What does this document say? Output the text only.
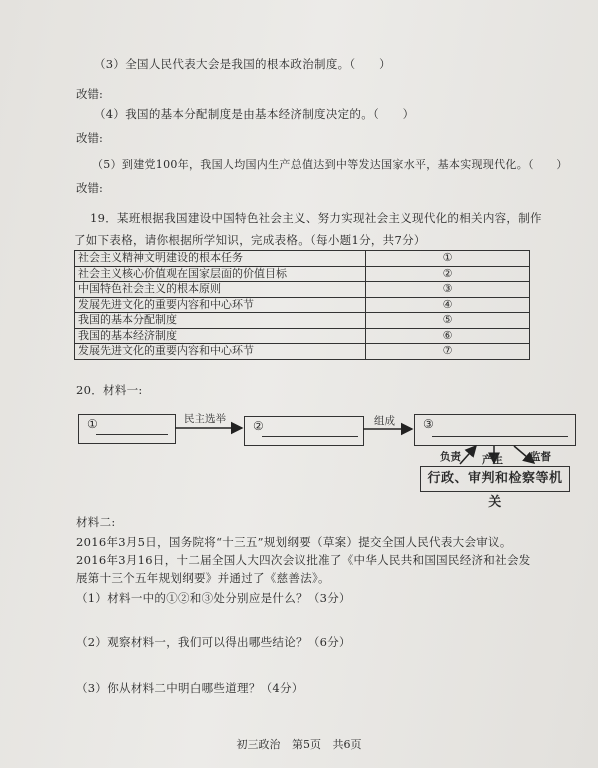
（3）全国人民代表大会是我国的根本政治制度。（　　）
改错:
（4）我国的基本分配制度是由基本经济制度决定的。（　　）
改错:
（5）到建党100年，我国人均国内生产总值达到中等发达国家水平，基本实现现代化。（　　）
改错:
19．某班根据我国建设中国特色社会主义、努力实现社会主义现代化的相关内容，制作
了如下表格，请你根据所学知识，完成表格。（每小题1分，共7分）
社会主义精神文明建设的根本任务	①
社会主义核心价值观在国家层面的价值目标	②
中国特色社会主义的根本原则	③
发展先进文化的重要内容和中心环节	④
我国的基本分配制度	⑤
我国的基本经济制度	⑥
发展先进文化的重要内容和中心环节	⑦
20．材料一:
①	②	③
民主选举	组成
负责 产生	监督
行政、审判和检察等机关
材料二:
2016年3月5日，国务院将“十三五”规划纲要（草案）提交全国人民代表大会审议。
2016年3月16日，十二届全国人大四次会议批准了《中华人民共和国国民经济和社会发
展第十三个五年规划纲要》并通过了《慈善法》。
（1）材料一中的①②和③处分别应是什么？（3分）
（2）观察材料一，我们可以得出哪些结论？（6分）
（3）你从材料二中明白哪些道理？（4分）
初三政治 第5页 共6页
